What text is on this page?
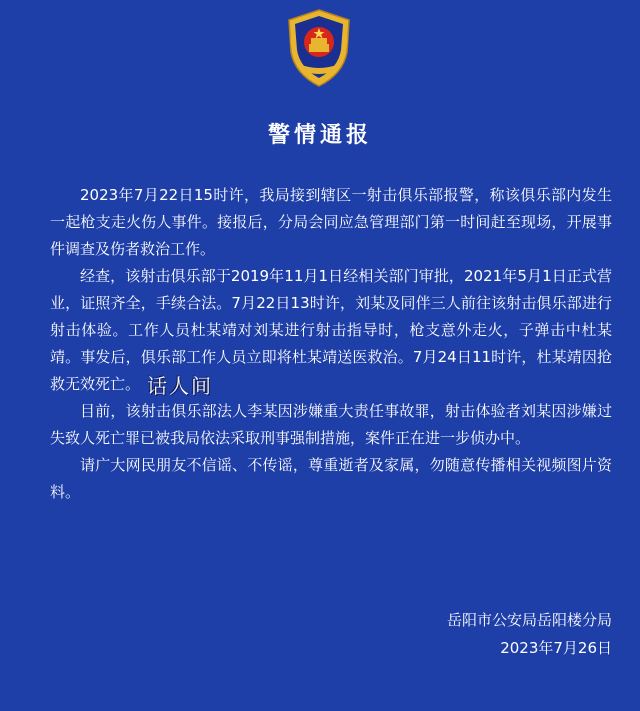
警情通报

2023年7月22日15时许，我局接到辖区一射击俱乐部报警，称该俱乐部内发生一起枪支走火伤人事件。接报后，分局会同应急管理部门第一时间赶至现场，开展事件调查及伤者救治工作。

经查，该射击俱乐部于2019年11月1日经相关部门审批，2021年5月1日正式营业，证照齐全，手续合法。7月22日13时许，刘某及同伴三人前往该射击俱乐部进行射击体验。工作人员杜某靖对刘某进行射击指导时，枪支意外走火，子弹击中杜某靖。事发后，俱乐部工作人员立即将杜某靖送医救治。7月24日11时许，杜某靖因抢救无效死亡。

目前，该射击俱乐部法人李某因涉嫌重大责任事故罪，射击体验者刘某因涉嫌过失致人死亡罪已被我局依法采取刑事强制措施，案件正在进一步侦办中。

请广大网民朋友不信谣、不传谣，尊重逝者及家属，勿随意传播相关视频图片资料。

话人间
岳阳市公安局岳阳楼分局
2023年7月26日
